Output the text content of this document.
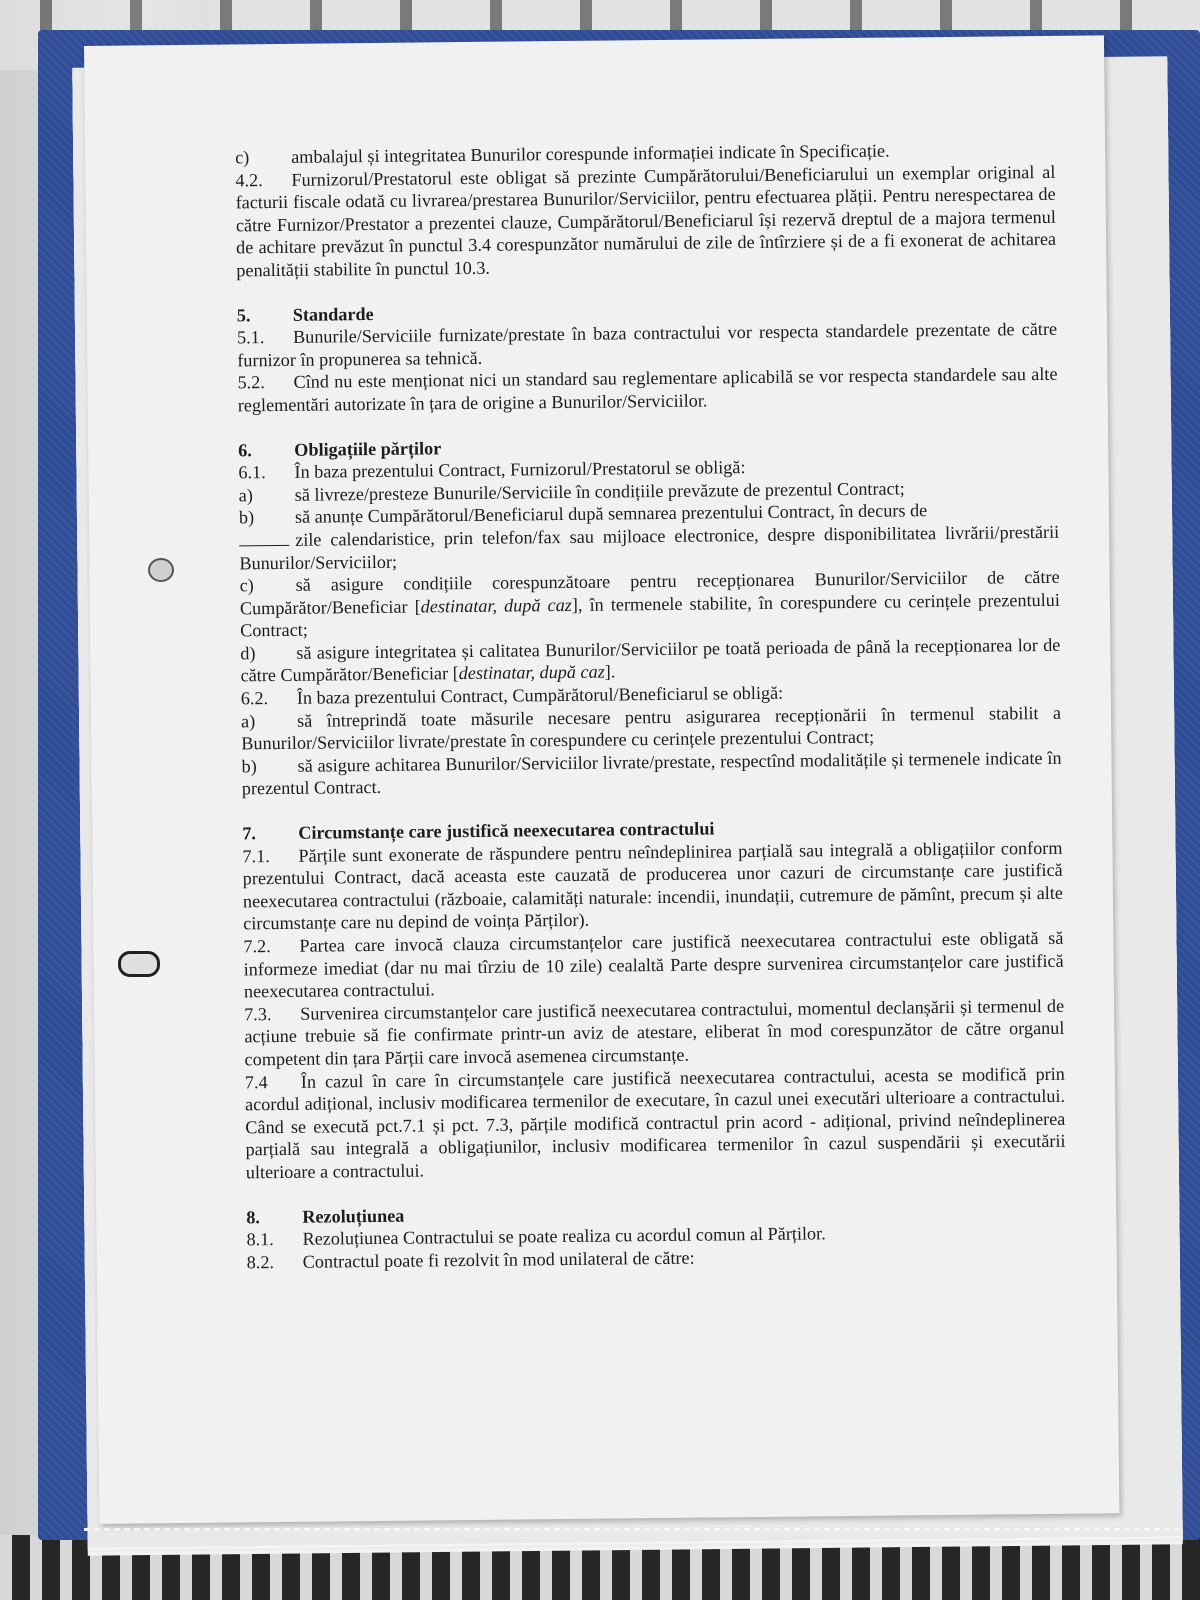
c) ambalajul și integritatea Bunurilor corespunde informației indicate în Specificație.

4.2. Furnizorul/Prestatorul este obligat să prezinte Cumpărătorului/Beneficiarului un exemplar original al facturii fiscale odată cu livrarea/prestarea Bunurilor/Serviciilor, pentru efectuarea plății. Pentru nerespectarea de către Furnizor/Prestator a prezentei clauze, Cumpărătorul/Beneficiarul își rezervă dreptul de a majora termenul de achitare prevăzut în punctul 3.4 corespunzător numărului de zile de întîrziere și de a fi exonerat de achitarea penalității stabilite în punctul 10.3.

5. Standarde

5.1. Bunurile/Serviciile furnizate/prestate în baza contractului vor respecta standardele prezentate de către furnizor în propunerea sa tehnică.

5.2. Cînd nu este menționat nici un standard sau reglementare aplicabilă se vor respecta standardele sau alte reglementări autorizate în țara de origine a Bunurilor/Serviciilor.

6. Obligațiile părților

6.1. În baza prezentului Contract, Furnizorul/Prestatorul se obligă:

a) să livreze/presteze Bunurile/Serviciile în condițiile prevăzute de prezentul Contract;

b) să anunțe Cumpărătorul/Beneficiarul după semnarea prezentului Contract, în decurs de

zile calendaristice, prin telefon/fax sau mijloace electronice, despre disponibilitatea livrării/prestării Bunurilor/Serviciilor;

c) să asigure condițiile corespunzătoare pentru recepționarea Bunurilor/Serviciilor de către Cumpărător/Beneficiar [destinatar, după caz], în termenele stabilite, în corespundere cu cerințele prezentului Contract;

d) să asigure integritatea și calitatea Bunurilor/Serviciilor pe toată perioada de până la recepționarea lor de către Cumpărător/Beneficiar [destinatar, după caz].

6.2. În baza prezentului Contract, Cumpărătorul/Beneficiarul se obligă:

a) să întreprindă toate măsurile necesare pentru asigurarea recepționării în termenul stabilit a Bunurilor/Serviciilor livrate/prestate în corespundere cu cerințele prezentului Contract;

b) să asigure achitarea Bunurilor/Serviciilor livrate/prestate, respectînd modalitățile și termenele indicate în prezentul Contract.

7. Circumstanțe care justifică neexecutarea contractului

7.1. Părțile sunt exonerate de răspundere pentru neîndeplinirea parțială sau integrală a obligațiilor conform prezentului Contract, dacă aceasta este cauzată de producerea unor cazuri de circumstanțe care justifică neexecutarea contractului (războaie, calamități naturale: incendii, inundații, cutremure de pămînt, precum și alte circumstanțe care nu depind de voința Părților).

7.2. Partea care invocă clauza circumstanțelor care justifică neexecutarea contractului este obligată să informeze imediat (dar nu mai tîrziu de 10 zile) cealaltă Parte despre survenirea circumstanțelor care justifică neexecutarea contractului.

7.3. Survenirea circumstanțelor care justifică neexecutarea contractului, momentul declanșării și termenul de acțiune trebuie să fie confirmate printr-un aviz de atestare, eliberat în mod corespunzător de către organul competent din țara Părții care invocă asemenea circumstanțe.

7.4 În cazul în care în circumstanțele care justifică neexecutarea contractului, acesta se modifică prin acordul adițional, inclusiv modificarea termenilor de executare, în cazul unei executări ulterioare a contractului. Când se execută pct.7.1 și pct. 7.3, părțile modifică contractul prin acord - adițional, privind neîndeplinerea parțială sau integrală a obligațiunilor, inclusiv modificarea termenilor în cazul suspendării și executării ulterioare a contractului.

8. Rezoluțiunea

8.1. Rezoluțiunea Contractului se poate realiza cu acordul comun al Părților.

8.2. Contractul poate fi rezolvit în mod unilateral de către:
